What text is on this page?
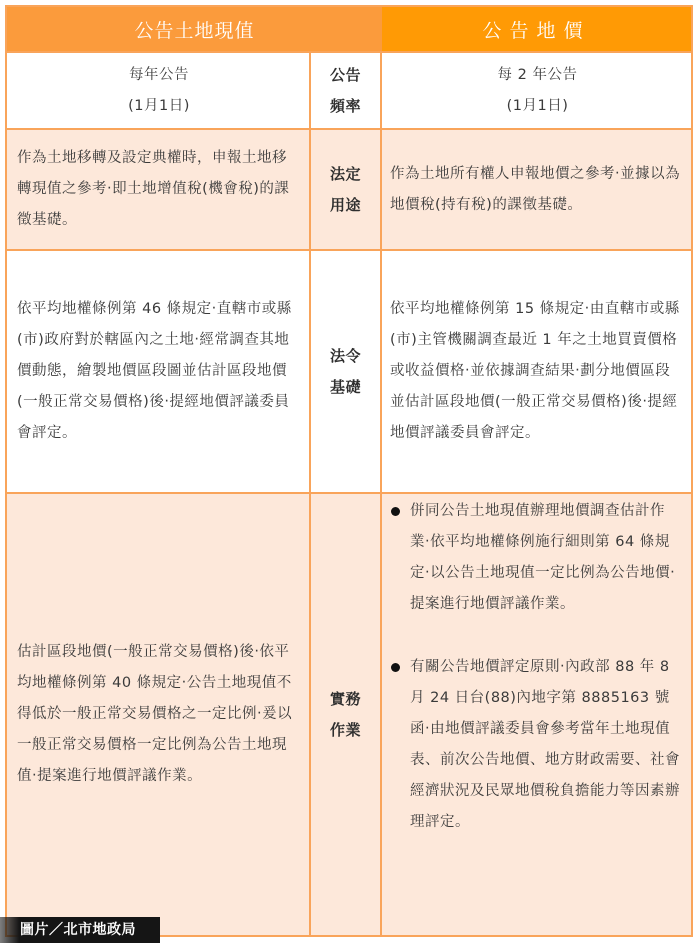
公告土地現值	公告地價
每年公告
(1月1日)
公告
頻率
每 2 年公告
(1月1日)
作為土地移轉及設定典權時，申報土地移轉現值之參考‧即土地增值稅(機會稅)的課徵基礎。
法定
用途
作為土地所有權人申報地價之參考‧並據以為地價稅(持有稅)的課徵基礎。
依平均地權條例第 46 條規定‧直轄市或縣(市)政府對於轄區內之土地‧經常調查其地價動態，繪製地價區段圖並估計區段地價(一般正常交易價格)後‧提經地價評議委員會評定。
法令
基礎
依平均地權條例第 15 條規定‧由直轄市或縣(市)主管機關調查最近 1 年之土地買賣價格或收益價格‧並依據調查結果‧劃分地價區段並估計區段地價(一般正常交易價格)後‧提經地價評議委員會評定。
估計區段地價(一般正常交易價格)後‧依平均地權條例第 40 條規定‧公告土地現值不得低於一般正常交易價格之一定比例‧爰以一般正常交易價格一定比例為公告土地現值‧提案進行地價評議作業。
實務
作業
併同公告土地現值辦理地價調查估計作業‧依平均地權條例施行細則第 64 條規定‧以公告土地現值一定比例為公告地價‧提案進行地價評議作業。
有關公告地價評定原則‧內政部 88 年 8 月 24 日台(88)內地字第 8885163 號函‧由地價評議委員會參考當年土地現值表、前次公告地價、地方財政需要、社會經濟狀況及民眾地價稅負擔能力等因素辦理評定。
圖片／北市地政局
